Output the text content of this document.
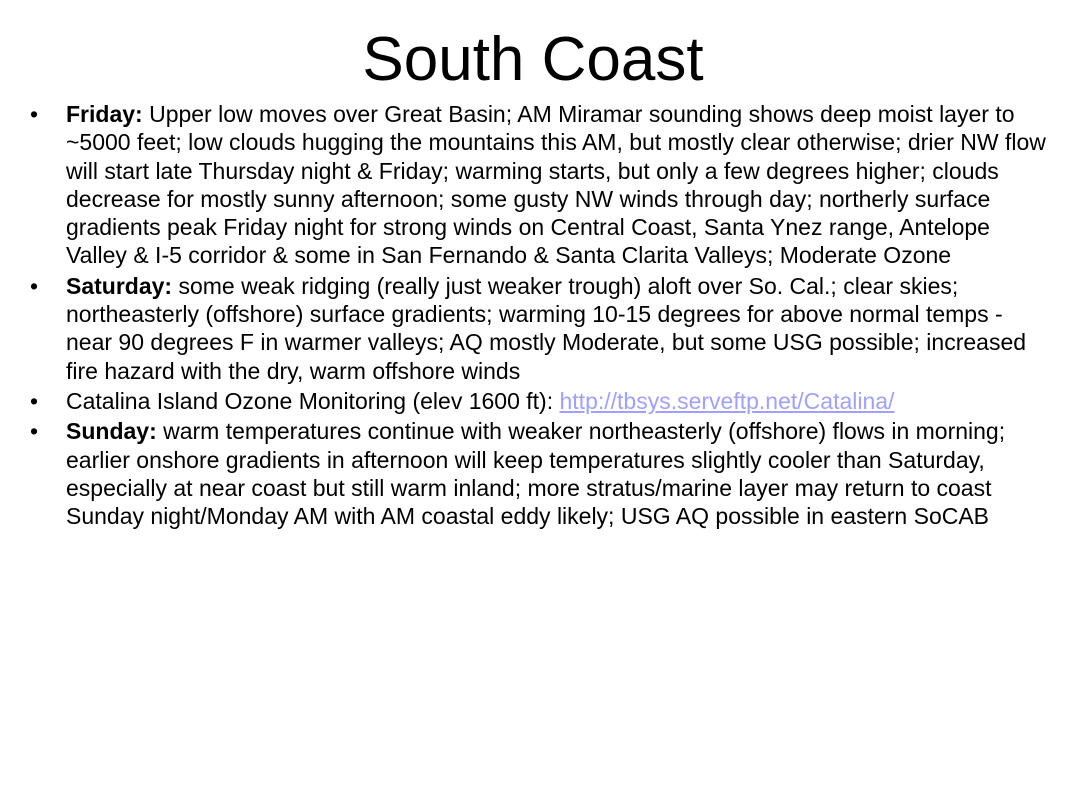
South Coast
•	Friday: Upper low moves over Great Basin; AM Miramar sounding shows deep moist layer to ~5000 feet; low clouds hugging the mountains this AM, but mostly clear otherwise; drier NW flow will start late Thursday night & Friday; warming starts, but only a few degrees higher; clouds decrease for mostly sunny afternoon; some gusty NW winds through day; northerly surface gradients peak Friday night for strong winds on Central Coast, Santa Ynez range, Antelope Valley & I-5 corridor & some in San Fernando & Santa Clarita Valleys; Moderate Ozone
•	Saturday: some weak ridging (really just weaker trough) aloft over So. Cal.; clear skies; northeasterly (offshore) surface gradients; warming 10-15 degrees for above normal temps - near 90 degrees F in warmer valleys; AQ mostly Moderate, but some USG possible; increased fire hazard with the dry, warm offshore winds
•	Catalina Island Ozone Monitoring (elev 1600 ft): http://tbsys.serveftp.net/Catalina/
•	Sunday: warm temperatures continue with weaker northeasterly (offshore) flows in morning; earlier onshore gradients in afternoon will keep temperatures slightly cooler than Saturday, especially at near coast but still warm inland; more stratus/marine layer may return to coast Sunday night/Monday AM with AM coastal eddy likely; USG AQ possible in eastern SoCAB
